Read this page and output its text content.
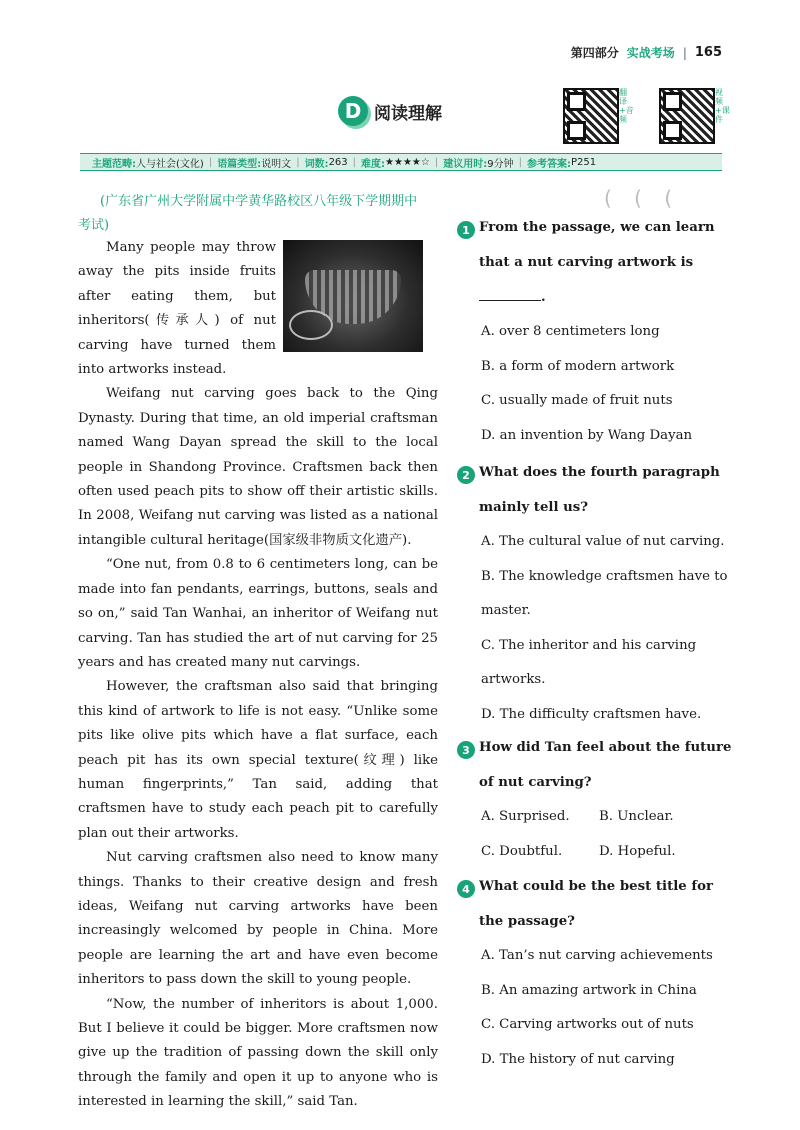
第四部分 实战考场 | 165
D 阅读理解
翻译+音频
视频+课件
主题范畴: 人与社会(文化) | 语篇类型: 说明文 | 词数: 263 | 难度: ★★★★☆ | 建议用时: 9分钟 | 参考答案: P251
( ( (
(广东省广州大学附属中学黄华路校区八年级下学期期中考试)

Many people may throw away the pits inside fruits after eating them, but inheritors(传承人) of nut carving have turned them into artworks instead.

Weifang nut carving goes back to the Qing Dynasty. During that time, an old imperial craftsman named Wang Dayan spread the skill to the local people in Shandong Province. Craftsmen back then often used peach pits to show off their artistic skills. In 2008, Weifang nut carving was listed as a national intangible cultural heritage(国家级非物质文化遗产).

“One nut, from 0.8 to 6 centimeters long, can be made into fan pendants, earrings, buttons, seals and so on,” said Tan Wanhai, an inheritor of Weifang nut carving. Tan has studied the art of nut carving for 25 years and has created many nut carvings.

However, the craftsman also said that bringing this kind of artwork to life is not easy. “Unlike some pits like olive pits which have a flat surface, each peach pit has its own special texture(纹理) like human fingerprints,” Tan said, adding that craftsmen have to study each peach pit to carefully plan out their artworks.

Nut carving craftsmen also need to know many things. Thanks to their creative design and fresh ideas, Weifang nut carving artworks have been increasingly welcomed by people in China. More people are learning the art and have even become inheritors to pass down the skill to young people.

“Now, the number of inheritors is about 1,000. But I believe it could be bigger. More craftsmen now give up the tradition of passing down the skill only through the family and open it up to anyone who is interested in learning the skill,” said Tan.

1 From the passage, we can learn that a nut carving artwork is
.
A. over 8 centimeters long
B. a form of modern artwork
C. usually made of fruit nuts
D. an invention by Wang Dayan
2 What does the fourth paragraph mainly tell us?
A. The cultural value of nut carving.
B. The knowledge craftsmen have to master.
C. The inheritor and his carving artworks.
D. The difficulty craftsmen have.
3 How did Tan feel about the future of nut carving?
A. Surprised.	B. Unclear.
C. Doubtful.	D. Hopeful.
4 What could be the best title for the passage?
A. Tan’s nut carving achievements
B. An amazing artwork in China
C. Carving artworks out of nuts
D. The history of nut carving
